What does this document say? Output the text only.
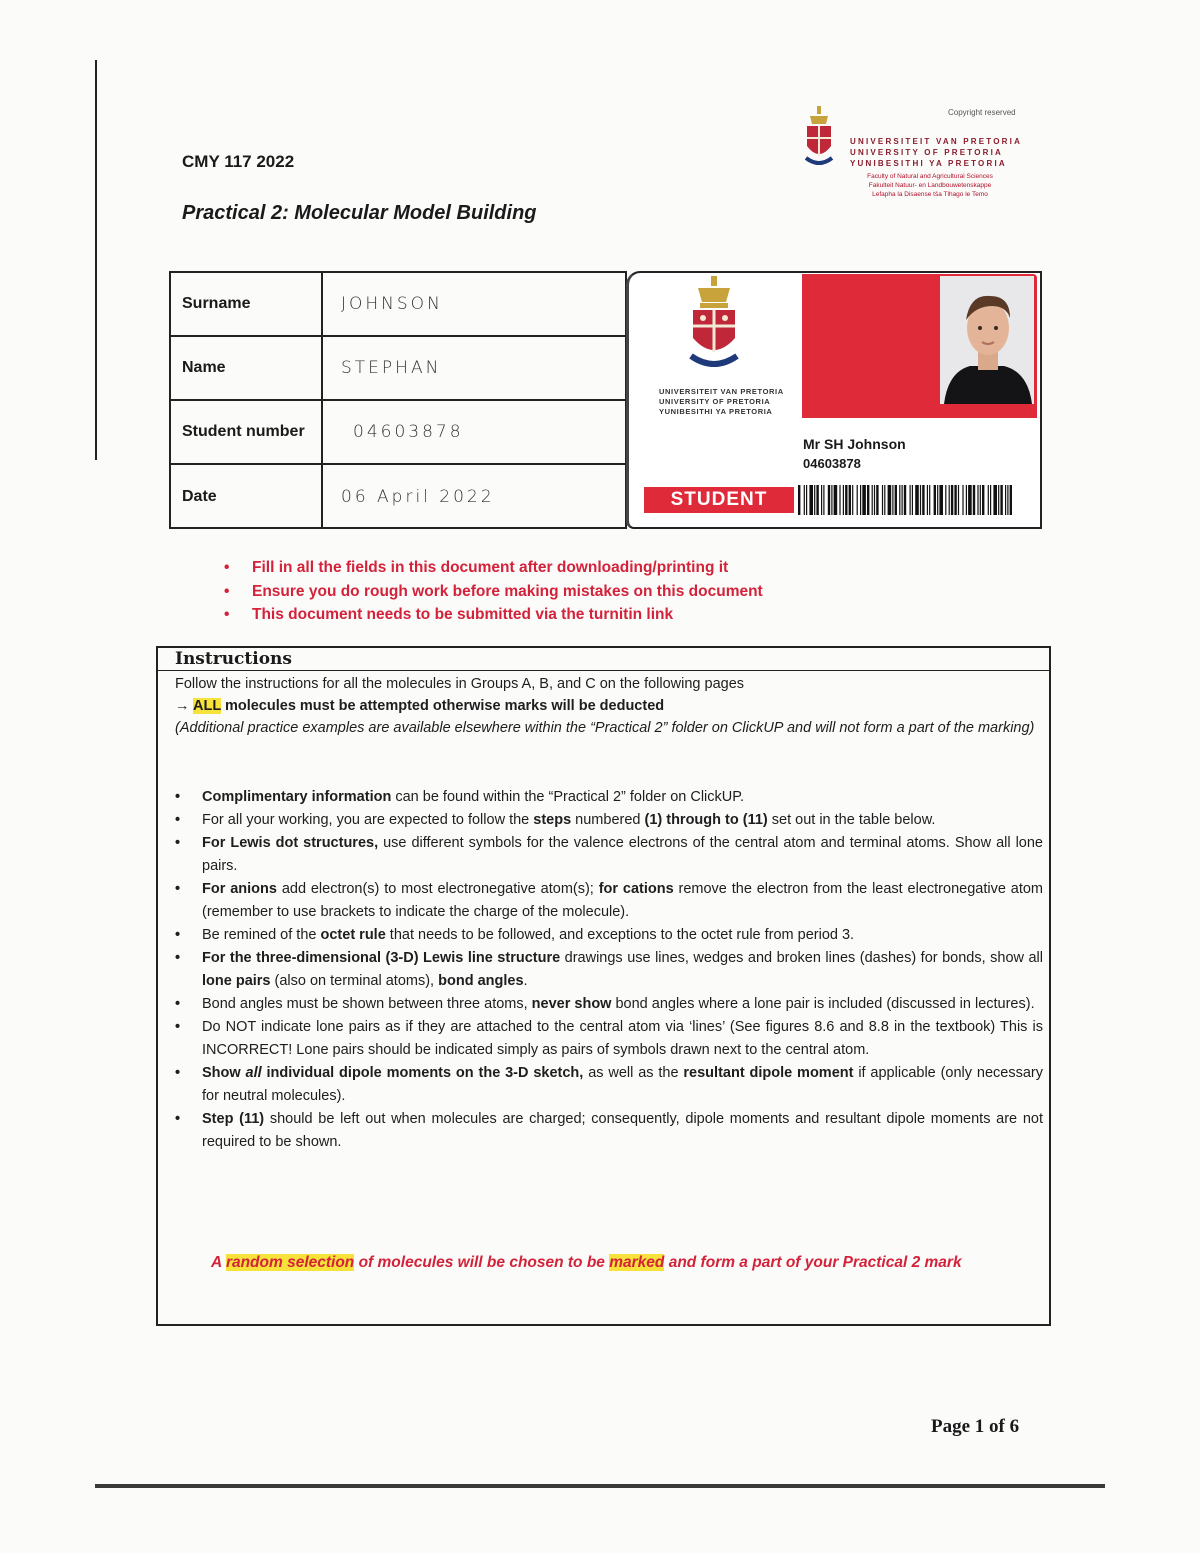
CMY 117 2022
Practical 2: Molecular Model Building
Copyright reserved
UNIVERSITEIT VAN PRETORIA
UNIVERSITY OF PRETORIA
YUNIBESITHI YA PRETORIA
Faculty of Natural and Agricultural Sciences
Fakulteit Natuur- en Landbouwetenskappe
Lefapha la Disaense tša Tlhago le Temo
Surname	JOHNSON
Name	STEPHAN
Student number	04603878
Date	06 April 2022
UNIVERSITEIT VAN PRETORIA
UNIVERSITY OF PRETORIA
YUNIBESITHI YA PRETORIA
Mr SH Johnson
04603878
STUDENT
• Fill in all the fields in this document after downloading/printing it
• Ensure you do rough work before making mistakes on this document
• This document needs to be submitted via the turnitin link
Instructions
Follow the instructions for all the molecules in Groups A, B, and C on the following pages
→ ALL molecules must be attempted otherwise marks will be deducted
(Additional practice examples are available elsewhere within the “Practical 2” folder on ClickUP and will not form a part of the marking)
• Complimentary information can be found within the “Practical 2” folder on ClickUP.
• For all your working, you are expected to follow the steps numbered (1) through to (11) set out in the table below.
• For Lewis dot structures, use different symbols for the valence electrons of the central atom and terminal atoms. Show all lone pairs.
• For anions add electron(s) to most electronegative atom(s); for cations remove the electron from the least electronegative atom (remember to use brackets to indicate the charge of the molecule).
• Be remined of the octet rule that needs to be followed, and exceptions to the octet rule from period 3.
• For the three-dimensional (3-D) Lewis line structure drawings use lines, wedges and broken lines (dashes) for bonds, show all lone pairs (also on terminal atoms), bond angles.
• Bond angles must be shown between three atoms, never show bond angles where a lone pair is included (discussed in lectures).
• Do NOT indicate lone pairs as if they are attached to the central atom via ‘lines’ (See figures 8.6 and 8.8 in the textbook) This is INCORRECT! Lone pairs should be indicated simply as pairs of symbols drawn next to the central atom.
• Show all individual dipole moments on the 3-D sketch, as well as the resultant dipole moment if applicable (only necessary for neutral molecules).
• Step (11) should be left out when molecules are charged; consequently, dipole moments and resultant dipole moments are not required to be shown.
A random selection of molecules will be chosen to be marked and form a part of your Practical 2 mark
Page 1 of 6
